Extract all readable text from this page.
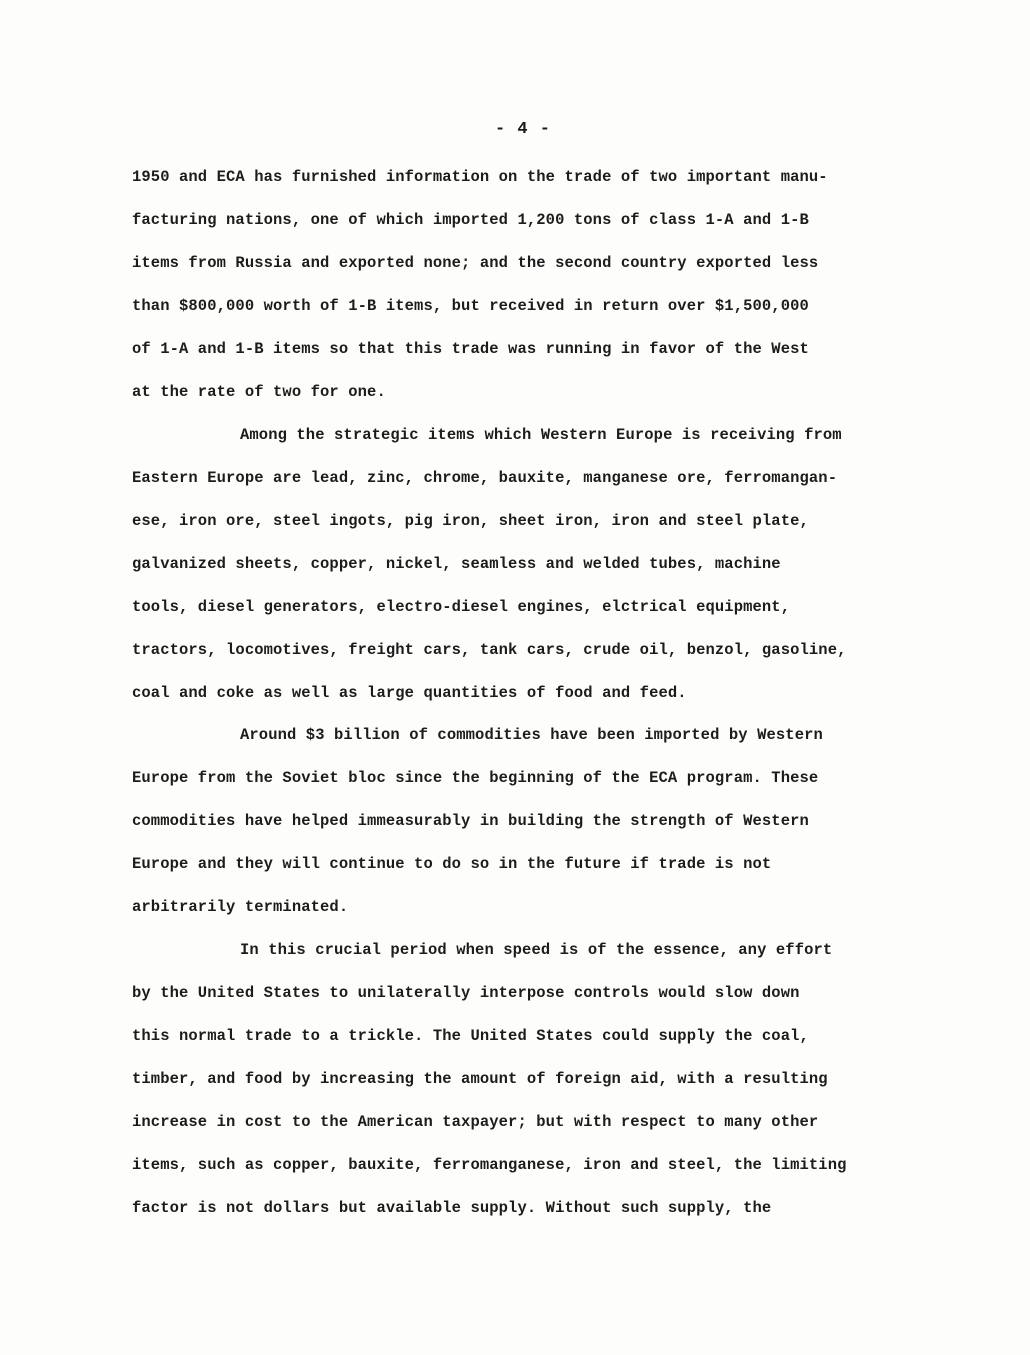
- 4 -
1950 and ECA has furnished information on the trade of two important manu-
facturing nations, one of which imported 1,200 tons of class 1-A and 1-B
items from Russia and exported none; and the second country exported less
than $800,000 worth of 1-B items, but received in return over $1,500,000
of 1-A and 1-B items so that this trade was running in favor of the West
at the rate of two for one.
Among the strategic items which Western Europe is receiving from
Eastern Europe are lead, zinc, chrome, bauxite, manganese ore, ferromangan-
ese, iron ore, steel ingots, pig iron, sheet iron, iron and steel plate,
galvanized sheets, copper, nickel, seamless and welded tubes, machine
tools, diesel generators, electro-diesel engines, elctrical equipment,
tractors, locomotives, freight cars, tank cars, crude oil, benzol, gasoline,
coal and coke as well as large quantities of food and feed.
Around $3 billion of commodities have been imported by Western
Europe from the Soviet bloc since the beginning of the ECA program. These
commodities have helped immeasurably in building the strength of Western
Europe and they will continue to do so in the future if trade is not
arbitrarily terminated.
In this crucial period when speed is of the essence, any effort
by the United States to unilaterally interpose controls would slow down
this normal trade to a trickle. The United States could supply the coal,
timber, and food by increasing the amount of foreign aid, with a resulting
increase in cost to the American taxpayer; but with respect to many other
items, such as copper, bauxite, ferromanganese, iron and steel, the limiting
factor is not dollars but available supply. Without such supply, the
